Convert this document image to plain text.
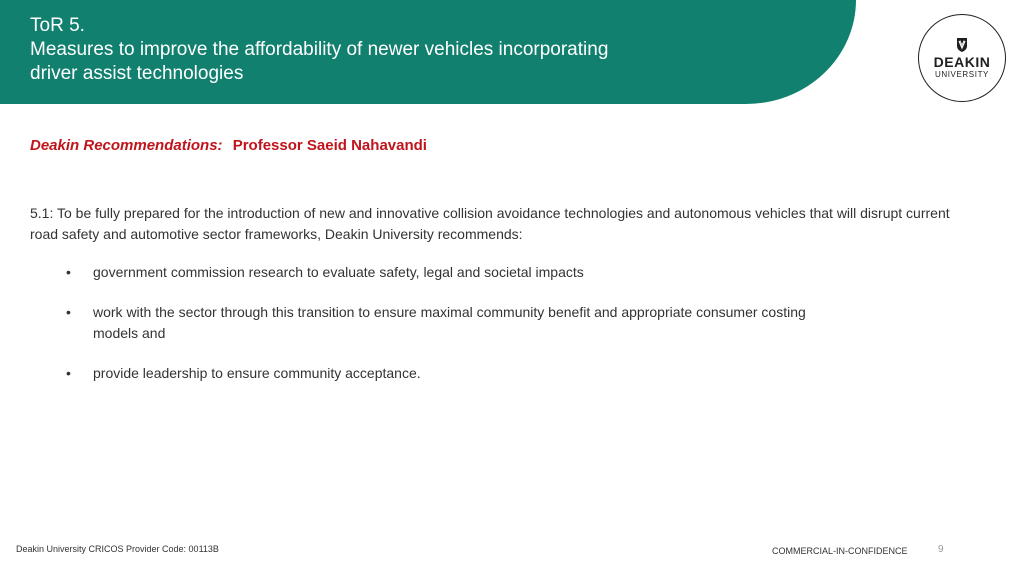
ToR 5.
Measures to improve the affordability of newer vehicles incorporating
driver assist technologies
DEAKIN
UNIVERSITY
Deakin Recommendations: Professor Saeid Nahavandi
5.1: To be fully prepared for the introduction of new and innovative collision avoidance technologies and autonomous vehicles that will disrupt current road safety and automotive sector frameworks, Deakin University recommends:
• government commission research to evaluate safety, legal and societal impacts
• work with the sector through this transition to ensure maximal community benefit and appropriate consumer costing models and
• provide leadership to ensure community acceptance.
Deakin University CRICOS Provider Code: 00113B	COMMERCIAL-IN-CONFIDENCE	9
